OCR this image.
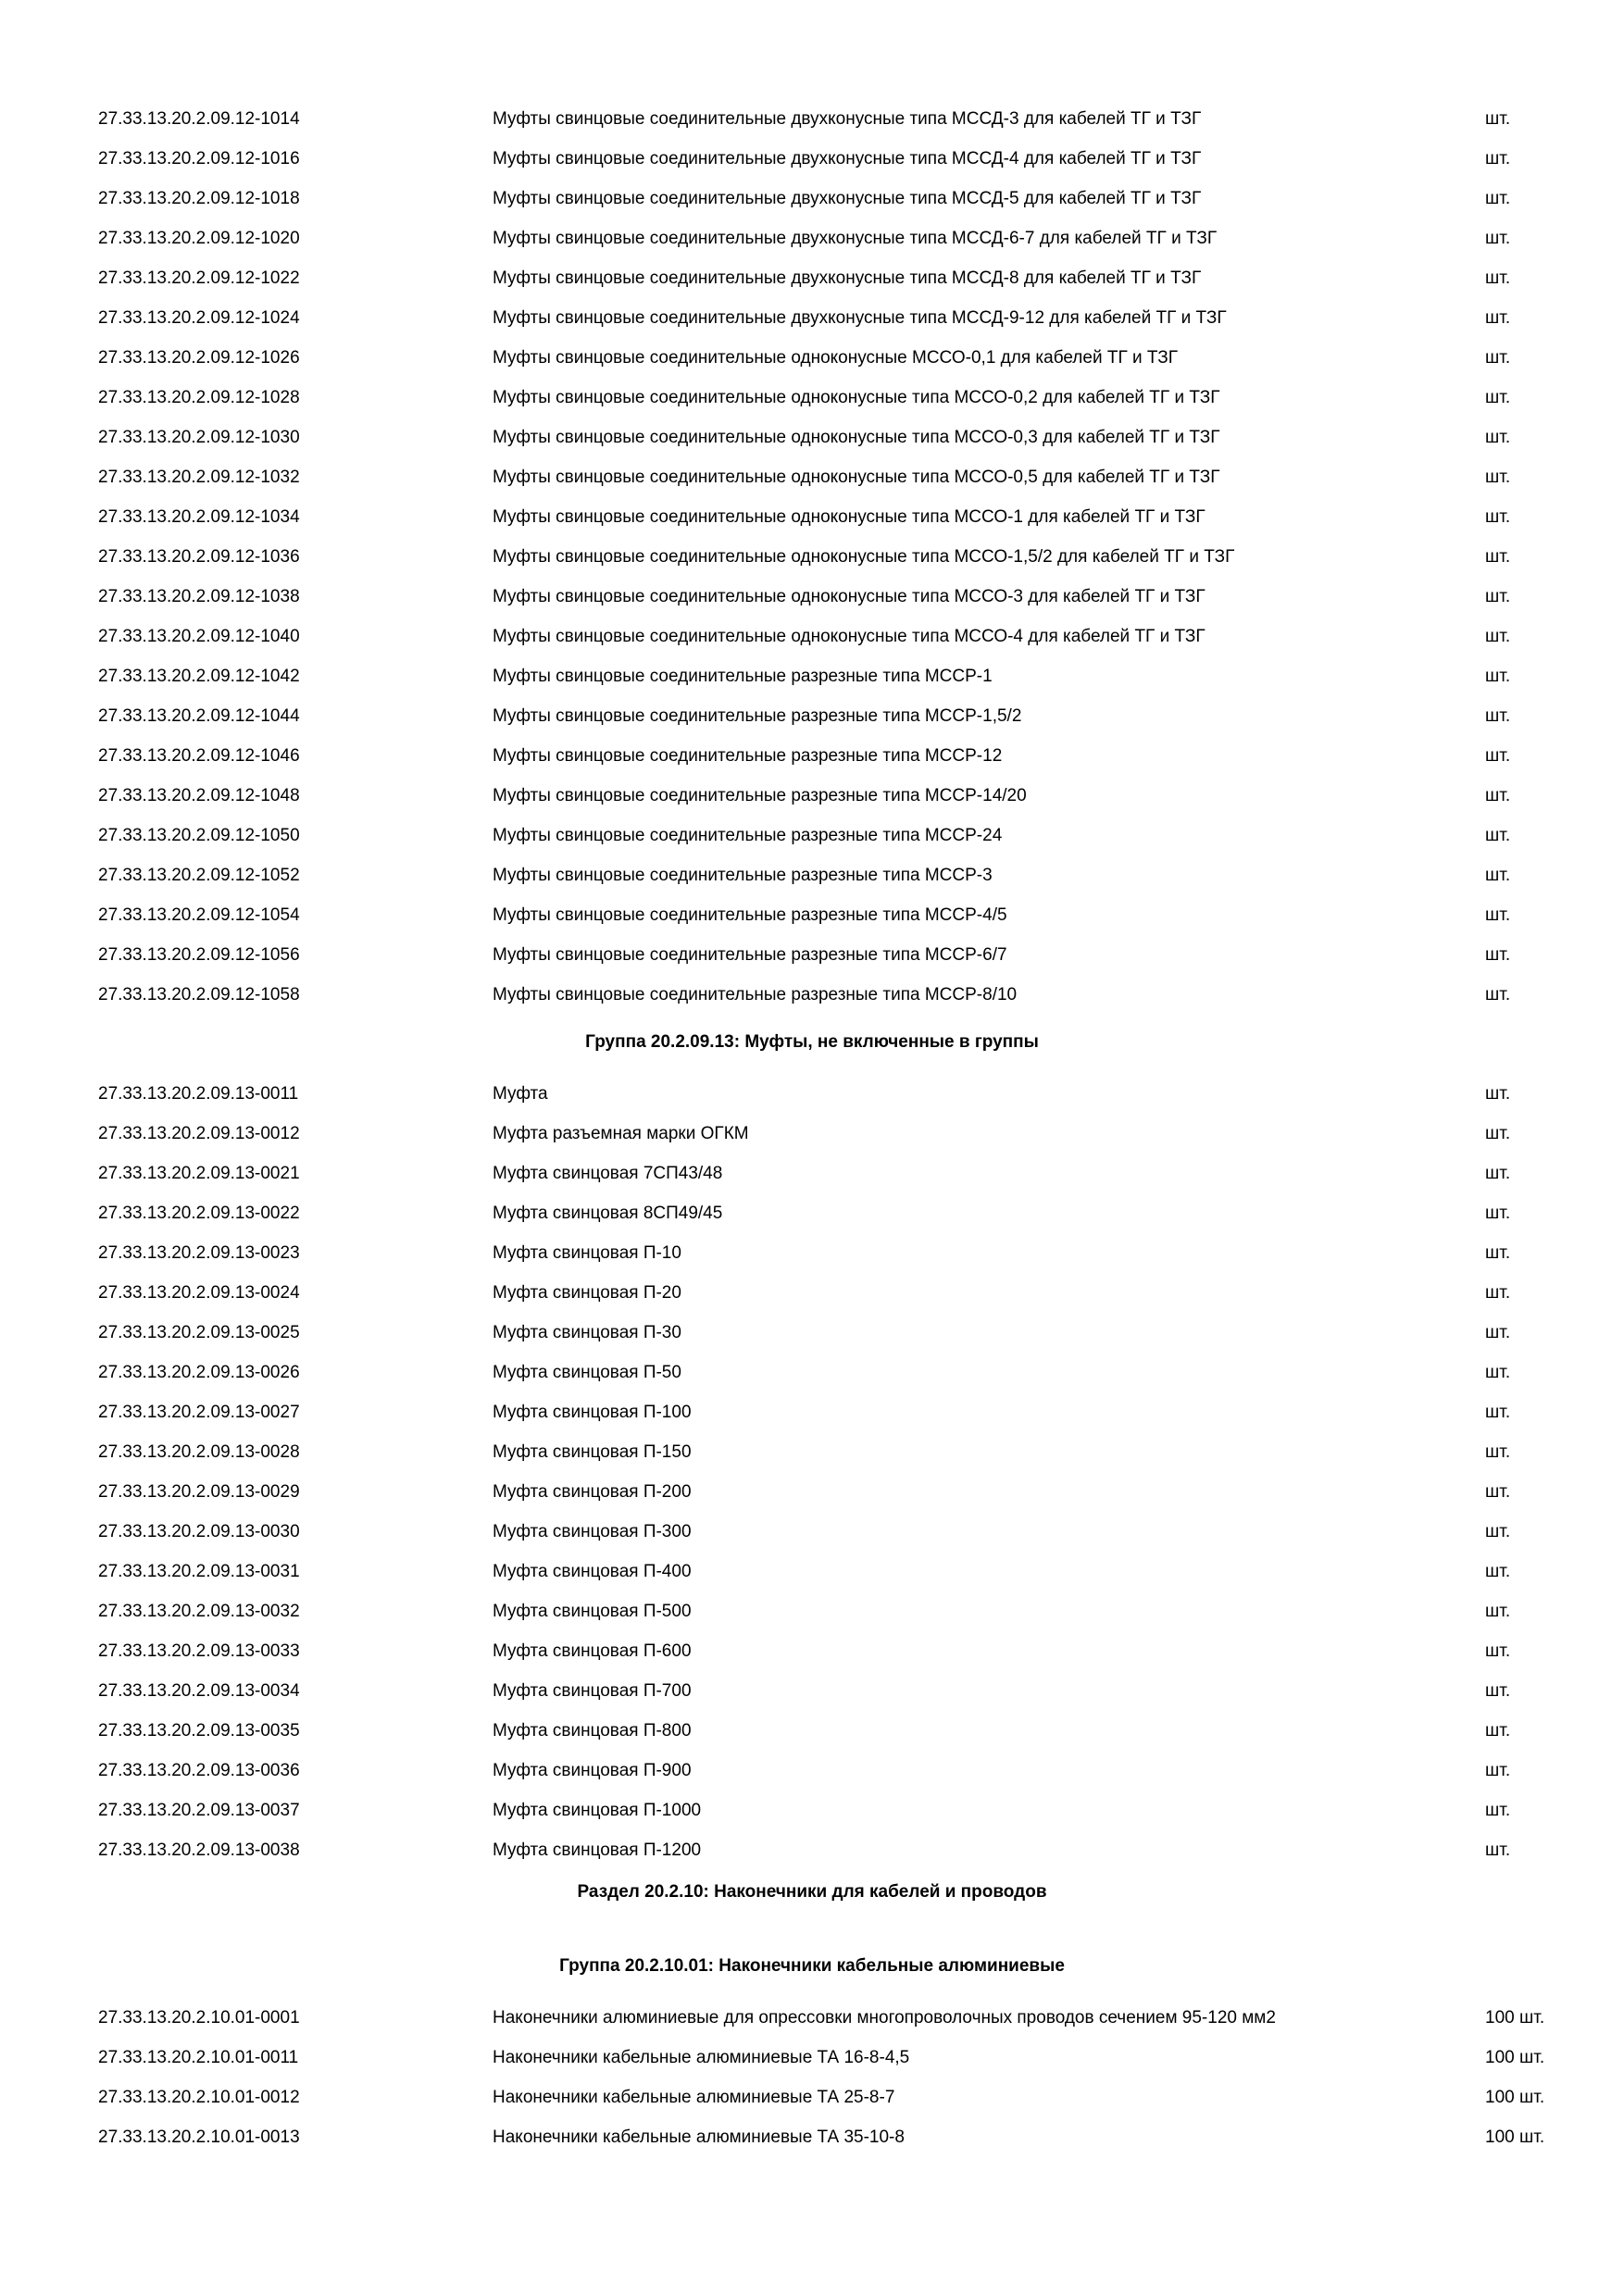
27.33.13.20.2.09.12-1014	Муфты свинцовые соединительные двухконусные типа МССД-3 для кабелей ТГ и ТЗГ	шт.
27.33.13.20.2.09.12-1016	Муфты свинцовые соединительные двухконусные типа МССД-4 для кабелей ТГ и ТЗГ	шт.
27.33.13.20.2.09.12-1018	Муфты свинцовые соединительные двухконусные типа МССД-5 для кабелей ТГ и ТЗГ	шт.
27.33.13.20.2.09.12-1020	Муфты свинцовые соединительные двухконусные типа МССД-6-7 для кабелей ТГ и ТЗГ	шт.
27.33.13.20.2.09.12-1022	Муфты свинцовые соединительные двухконусные типа МССД-8 для кабелей ТГ и ТЗГ	шт.
27.33.13.20.2.09.12-1024	Муфты свинцовые соединительные двухконусные типа МССД-9-12 для кабелей ТГ и ТЗГ	шт.
27.33.13.20.2.09.12-1026	Муфты свинцовые соединительные одноконусные МССО-0,1 для кабелей ТГ и ТЗГ	шт.
27.33.13.20.2.09.12-1028	Муфты свинцовые соединительные одноконусные типа МССО-0,2 для кабелей ТГ и ТЗГ	шт.
27.33.13.20.2.09.12-1030	Муфты свинцовые соединительные одноконусные типа МССО-0,3 для кабелей ТГ и ТЗГ	шт.
27.33.13.20.2.09.12-1032	Муфты свинцовые соединительные одноконусные типа МССО-0,5 для кабелей ТГ и ТЗГ	шт.
27.33.13.20.2.09.12-1034	Муфты свинцовые соединительные одноконусные типа МССО-1 для кабелей ТГ и ТЗГ	шт.
27.33.13.20.2.09.12-1036	Муфты свинцовые соединительные одноконусные типа МССО-1,5/2 для кабелей ТГ и ТЗГ	шт.
27.33.13.20.2.09.12-1038	Муфты свинцовые соединительные одноконусные типа МССО-3 для кабелей ТГ и ТЗГ	шт.
27.33.13.20.2.09.12-1040	Муфты свинцовые соединительные одноконусные типа МССО-4 для кабелей ТГ и ТЗГ	шт.
27.33.13.20.2.09.12-1042	Муфты свинцовые соединительные разрезные типа МССР-1	шт.
27.33.13.20.2.09.12-1044	Муфты свинцовые соединительные разрезные типа МССР-1,5/2	шт.
27.33.13.20.2.09.12-1046	Муфты свинцовые соединительные разрезные типа МССР-12	шт.
27.33.13.20.2.09.12-1048	Муфты свинцовые соединительные разрезные типа МССР-14/20	шт.
27.33.13.20.2.09.12-1050	Муфты свинцовые соединительные разрезные типа МССР-24	шт.
27.33.13.20.2.09.12-1052	Муфты свинцовые соединительные разрезные типа МССР-3	шт.
27.33.13.20.2.09.12-1054	Муфты свинцовые соединительные разрезные типа МССР-4/5	шт.
27.33.13.20.2.09.12-1056	Муфты свинцовые соединительные разрезные типа МССР-6/7	шт.
27.33.13.20.2.09.12-1058	Муфты свинцовые соединительные разрезные типа МССР-8/10	шт.
Группа 20.2.09.13: Муфты, не включенные в группы
27.33.13.20.2.09.13-0011	Муфта	шт.
27.33.13.20.2.09.13-0012	Муфта разъемная марки ОГКМ	шт.
27.33.13.20.2.09.13-0021	Муфта свинцовая 7СП43/48	шт.
27.33.13.20.2.09.13-0022	Муфта свинцовая 8СП49/45	шт.
27.33.13.20.2.09.13-0023	Муфта свинцовая П-10	шт.
27.33.13.20.2.09.13-0024	Муфта свинцовая П-20	шт.
27.33.13.20.2.09.13-0025	Муфта свинцовая П-30	шт.
27.33.13.20.2.09.13-0026	Муфта свинцовая П-50	шт.
27.33.13.20.2.09.13-0027	Муфта свинцовая П-100	шт.
27.33.13.20.2.09.13-0028	Муфта свинцовая П-150	шт.
27.33.13.20.2.09.13-0029	Муфта свинцовая П-200	шт.
27.33.13.20.2.09.13-0030	Муфта свинцовая П-300	шт.
27.33.13.20.2.09.13-0031	Муфта свинцовая П-400	шт.
27.33.13.20.2.09.13-0032	Муфта свинцовая П-500	шт.
27.33.13.20.2.09.13-0033	Муфта свинцовая П-600	шт.
27.33.13.20.2.09.13-0034	Муфта свинцовая П-700	шт.
27.33.13.20.2.09.13-0035	Муфта свинцовая П-800	шт.
27.33.13.20.2.09.13-0036	Муфта свинцовая П-900	шт.
27.33.13.20.2.09.13-0037	Муфта свинцовая П-1000	шт.
27.33.13.20.2.09.13-0038	Муфта свинцовая П-1200	шт.
Раздел 20.2.10: Наконечники для кабелей и проводов
Группа 20.2.10.01: Наконечники кабельные алюминиевые
27.33.13.20.2.10.01-0001	Наконечники алюминиевые для опрессовки многопроволочных проводов сечением 95-120 мм2	100 шт.
27.33.13.20.2.10.01-0011	Наконечники кабельные алюминиевые ТА 16-8-4,5	100 шт.
27.33.13.20.2.10.01-0012	Наконечники кабельные алюминиевые ТА 25-8-7	100 шт.
27.33.13.20.2.10.01-0013	Наконечники кабельные алюминиевые ТА 35-10-8	100 шт.
